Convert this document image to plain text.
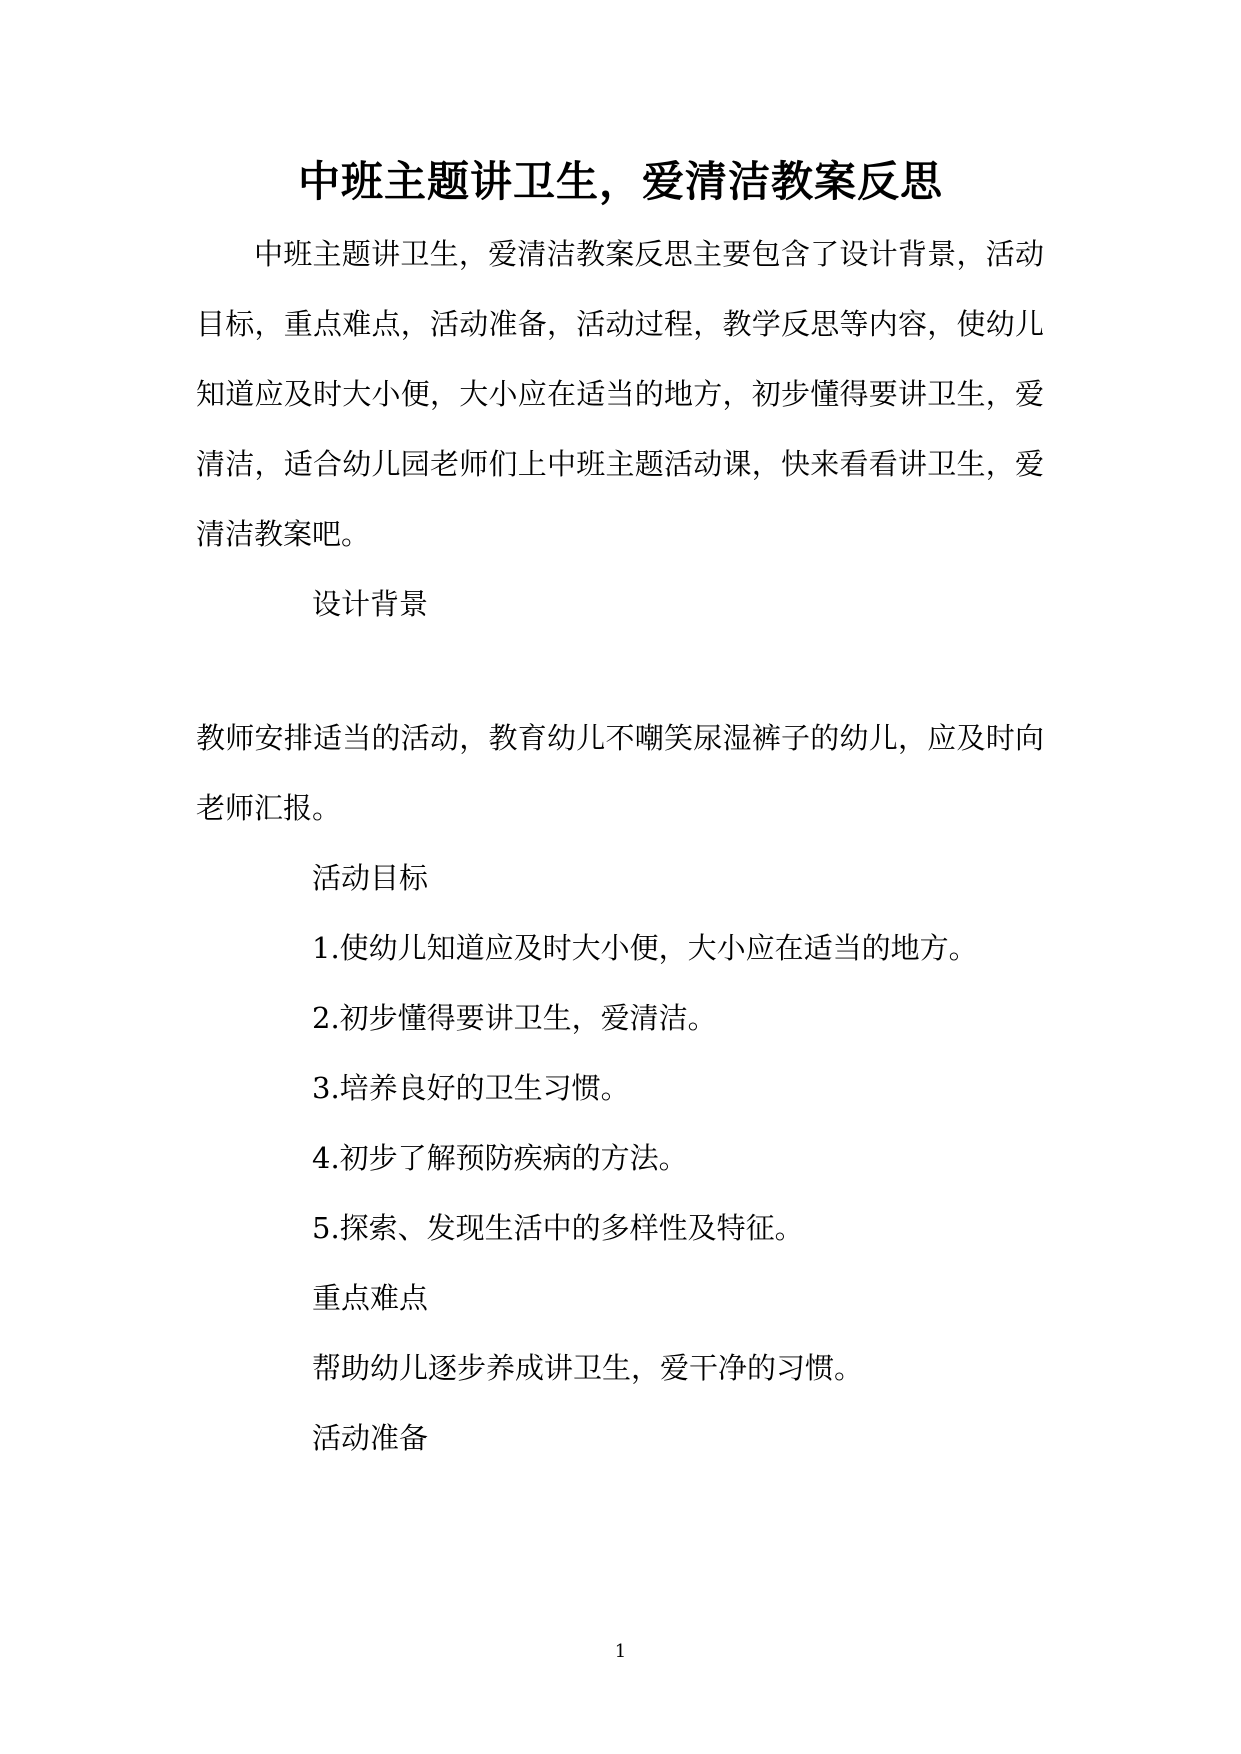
中班主题讲卫生，爱清洁教案反思
中班主题讲卫生，爱清洁教案反思主要包含了设计背景，活动
目标，重点难点，活动准备，活动过程，教学反思等内容，使幼儿
知道应及时大小便，大小应在适当的地方，初步懂得要讲卫生，爱
清洁，适合幼儿园老师们上中班主题活动课，快来看看讲卫生，爱
清洁教案吧。
设计背景
教师安排适当的活动，教育幼儿不嘲笑尿湿裤子的幼儿，应及时向
老师汇报。
活动目标
1.使幼儿知道应及时大小便，大小应在适当的地方。
2.初步懂得要讲卫生，爱清洁。
3.培养良好的卫生习惯。
4.初步了解预防疾病的方法。
5.探索、发现生活中的多样性及特征。
重点难点
帮助幼儿逐步养成讲卫生，爱干净的习惯。
活动准备
1
